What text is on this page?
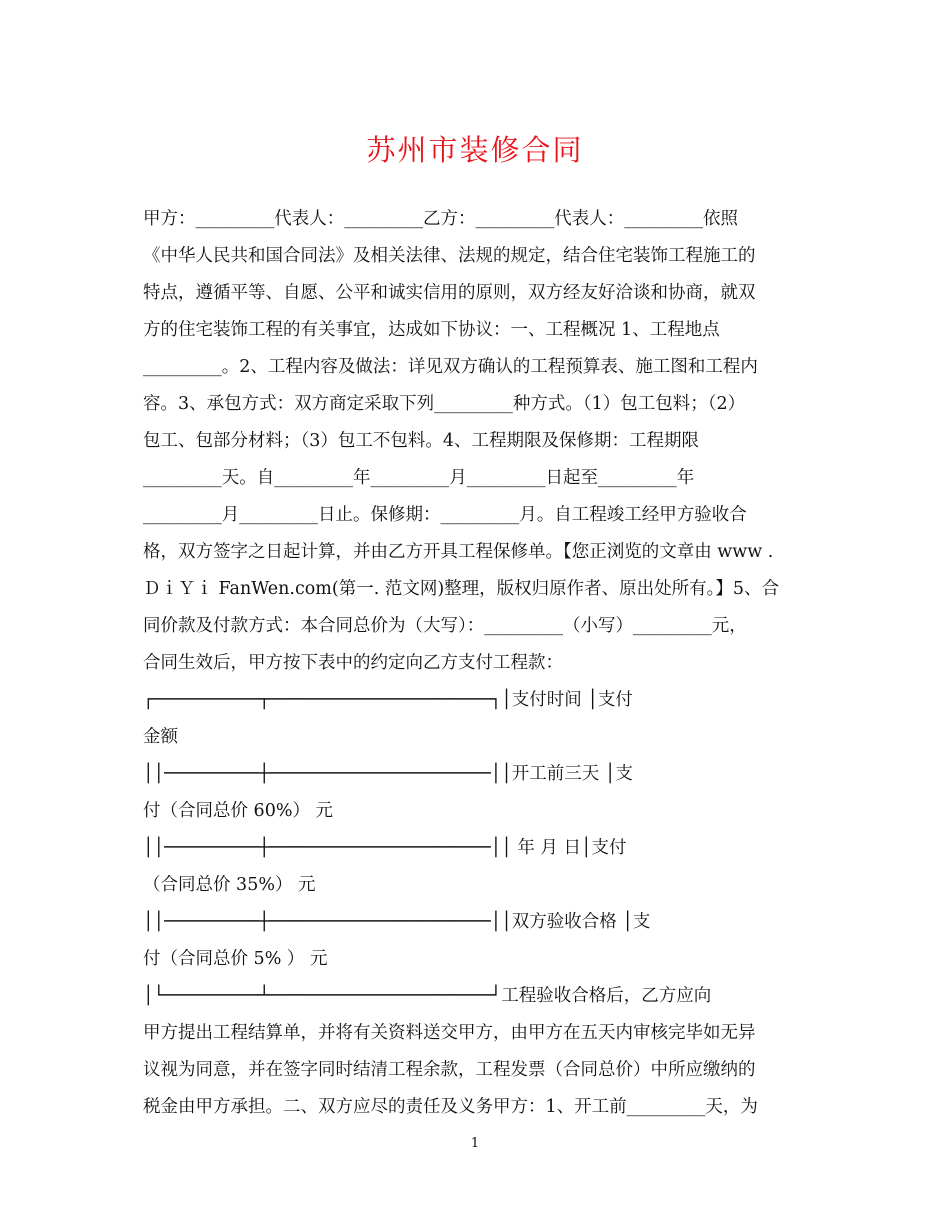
苏州市装修合同
甲方：_________代表人：_________乙方：_________代表人：_________依照
《中华人民共和国合同法》及相关法律、法规的规定，结合住宅装饰工程施工的
特点，遵循平等、自愿、公平和诚实信用的原则，双方经友好洽谈和协商，就双
方的住宅装饰工程的有关事宜，达成如下协议：一、工程概况 1、工程地点
_________。2、工程内容及做法：详见双方确认的工程预算表、施工图和工程内
容。3、承包方式：双方商定采取下列_________种方式。（1）包工包料；（2）
包工、包部分材料；（3）包工不包料。4、工程期限及保修期：工程期限
_________天。自_________年_________月_________日起至_________年
_________月_________日止。保修期：_________月。自工程竣工经甲方验收合
格，双方签字之日起计算，并由乙方开具工程保修单。【您正浏览的文章由 www .
ＤｉＹｉ FanWen.com(第一. 范文网)整理，版权归原作者、原出处所有。】5、合
同价款及付款方式：本合同总价为（大写）：_________（小写）_________元，
合同生效后，甲方按下表中的约定向乙方支付工程款：
┌──────────┬─────────────────────┐│支付时间 │支付
金额
││─────────┼─────────────────────││开工前三天 │支
付（合同总价 60%） 元
││─────────┼─────────────────────││ 年 月 日│支付
（合同总价 35%） 元
││─────────┼─────────────────────││双方验收合格 │支
付（合同总价 5% ） 元
│└─────────┴─────────────────────┘工程验收合格后，乙方应向
甲方提出工程结算单，并将有关资料送交甲方，由甲方在五天内审核完毕如无异
议视为同意，并在签字同时结清工程余款，工程发票（合同总价）中所应缴纳的
税金由甲方承担。二、双方应尽的责任及义务甲方：1、开工前_________天，为
1
